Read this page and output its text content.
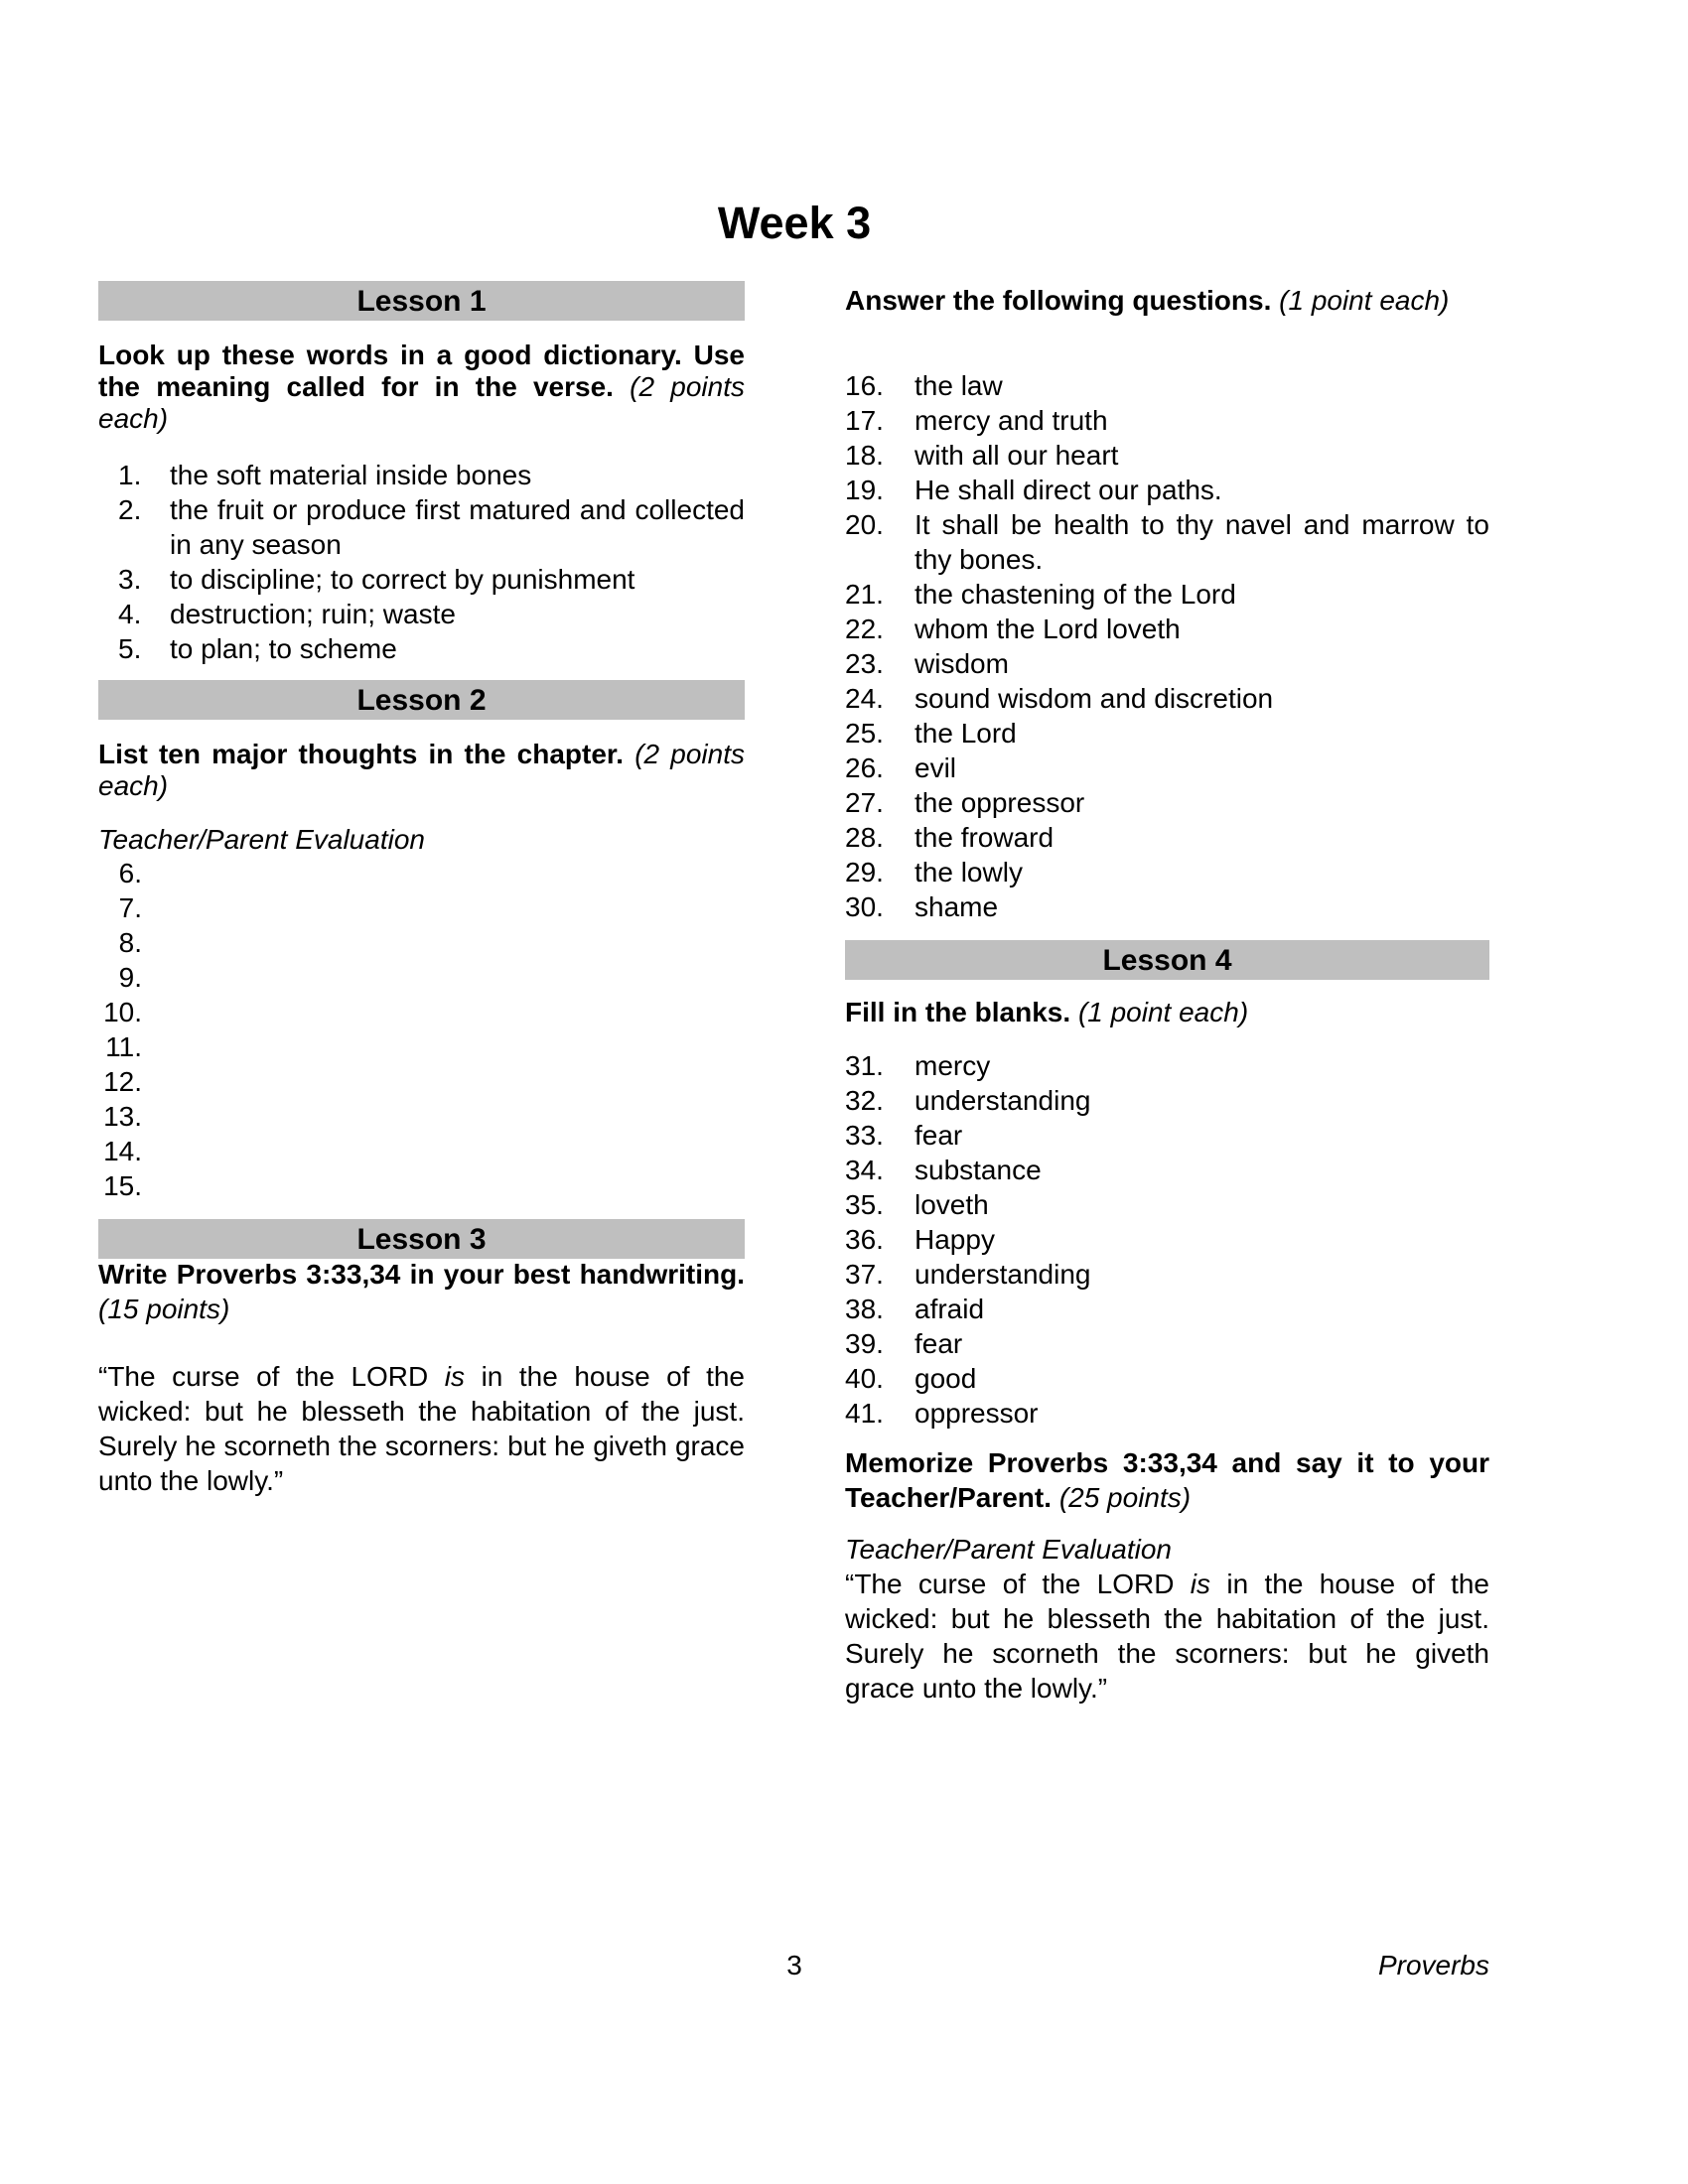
Week 3
Lesson 1
Look up these words in a good dictionary. Use the meaning called for in the verse. (2 points each)
1.	the soft material inside bones
2.	the fruit or produce first matured and collected in any season
3.	to discipline; to correct by punishment
4.	destruction; ruin; waste
5.	to plan; to scheme
Lesson 2
List ten major thoughts in the chapter. (2 points each)
Teacher/Parent Evaluation
6.
7.
8.
9.
10.
11.
12.
13.
14.
15.
Lesson 3
Write Proverbs 3:33,34 in your best handwriting. (15 points)
“The curse of the LORD is in the house of the wicked: but he blesseth the habitation of the just. Surely he scorneth the scorners: but he giveth grace unto the lowly.”
Answer the following questions. (1 point each)
16.	the law
17.	mercy and truth
18.	with all our heart
19.	He shall direct our paths.
20.	It shall be health to thy navel and marrow to thy bones.
21.	the chastening of the Lord
22.	whom the Lord loveth
23.	wisdom
24.	sound wisdom and discretion
25.	the Lord
26.	evil
27.	the oppressor
28.	the froward
29.	the lowly
30.	shame
Lesson 4
Fill in the blanks. (1 point each)
31.	mercy
32.	understanding
33.	fear
34.	substance
35.	loveth
36.	Happy
37.	understanding
38.	afraid
39.	fear
40.	good
41.	oppressor
Memorize Proverbs 3:33,34 and say it to your Teacher/Parent. (25 points)
Teacher/Parent Evaluation
“The curse of the LORD is in the house of the wicked: but he blesseth the habitation of the just. Surely he scorneth the scorners: but he giveth grace unto the lowly.”
3	Proverbs
